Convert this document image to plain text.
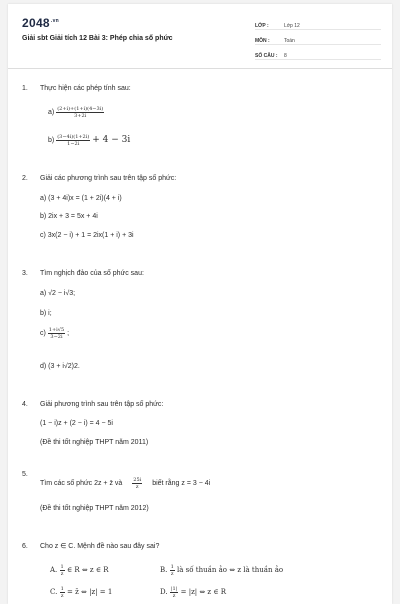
$2048^{.vn}$
Giải sbt Giải tích 12 Bài 3: Phép chia số phức
LỚP :	Lớp 12
MÔN :	Toán
SỐ CÂU :	8
1.	Thực hiện các phép tính sau:
$a) \frac{(2+i)+(1+i)(4-3i)}{3+2i}$
$b) \frac{(3-4i)(1+2i)}{1-2i} + 4 - 3i$
2.	Giải các phương trình sau trên tập số phức:
a) (3 + 4i)x = (1 + 2i)(4 + i)
b) 2ix + 3 = 5x + 4i
c) 3x(2 − i) + 1 = 2ix(1 + i) + 3i
3.	Tìm nghịch đảo của số phức sau:
a) √2 − i√3;
b) i;
$c) \frac{1+i√5}{3-2i}$ ;
d) (3 + i√2)2.
4.	Giải phương trình sau trên tập số phức:
(1 − i)z + (2 − i) = 4 − 5i
(Đề thi tốt nghiệp THPT năm 2011)
5.
Tìm các số phức 2z + z̄ và $\frac{25i}{z}$ biết rằng z = 3 − 4i
(Đề thi tốt nghiệp THPT năm 2012)
6.	Cho z ∈ C. Mệnh đề nào sau đây sai?
A. $\frac{1}{z}$ ∈ R ⇔ z ∈ R	B. $\frac{1}{z}$ là số thuần ảo ⇔ z là thuần ảo
C. $\frac{1}{z}$ = z̄ ⇔ |z| = 1	D. $\frac{|1|}{z} = |z|$ ⇔ z ∈ R
